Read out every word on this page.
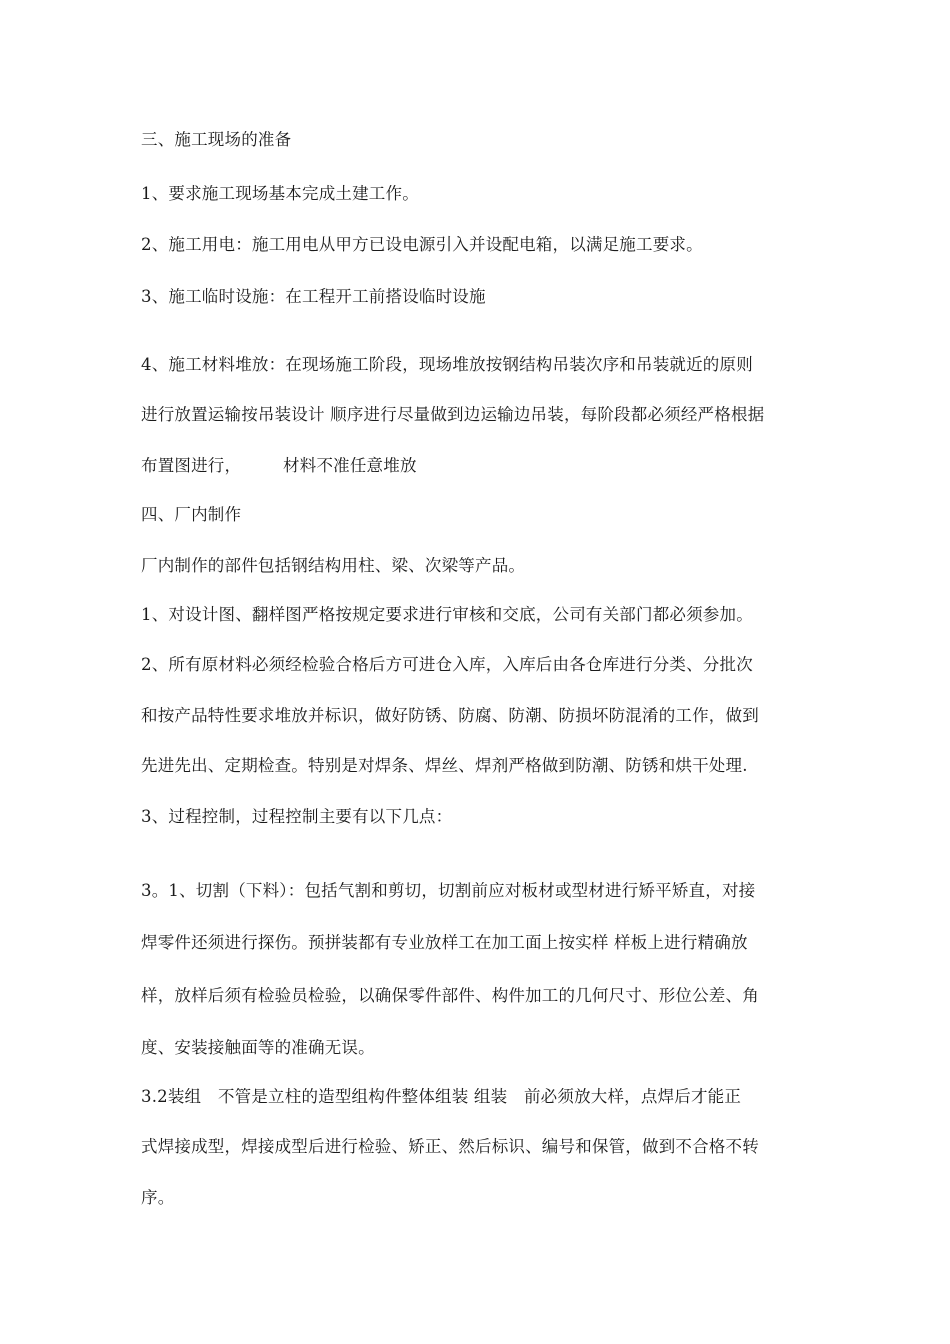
三、施工现场的准备
1、要求施工现场基本完成土建工作。
2、施工用电：施工用电从甲方已设电源引入并设配电箱，以满足施工要求。
3、施工临时设施：在工程开工前搭设临时设施
4、施工材料堆放：在现场施工阶段，现场堆放按钢结构吊装次序和吊装就近的原则
进行放置运输按吊装设计 顺序进行尽量做到边运输边吊装，每阶段都必须经严格根据
布置图进行，　　　材料不准任意堆放
四、厂内制作
厂内制作的部件包括钢结构用柱、梁、次梁等产品。
1、对设计图、翻样图严格按规定要求进行审核和交底，公司有关部门都必须参加。
2、所有原材料必须经检验合格后方可进仓入库，入库后由各仓库进行分类、分批次
和按产品特性要求堆放并标识，做好防锈、防腐、防潮、防损坏防混淆的工作，做到
先进先出、定期检查。特别是对焊条、焊丝、焊剂严格做到防潮、防锈和烘干处理.
3、过程控制，过程控制主要有以下几点：
3。1、切割（下料）：包括气割和剪切，切割前应对板材或型材进行矫平矫直，对接
焊零件还须进行探伤。预拼装都有专业放样工在加工面上按实样 样板上进行精确放
样，放样后须有检验员检验，以确保零件部件、构件加工的几何尺寸、形位公差、角
度、安装接触面等的准确无误。
3.2装组　不管是立柱的造型组构件整体组装 组装　前必须放大样，点焊后才能正
式焊接成型，焊接成型后进行检验、矫正、然后标识、编号和保管，做到不合格不转
序。
